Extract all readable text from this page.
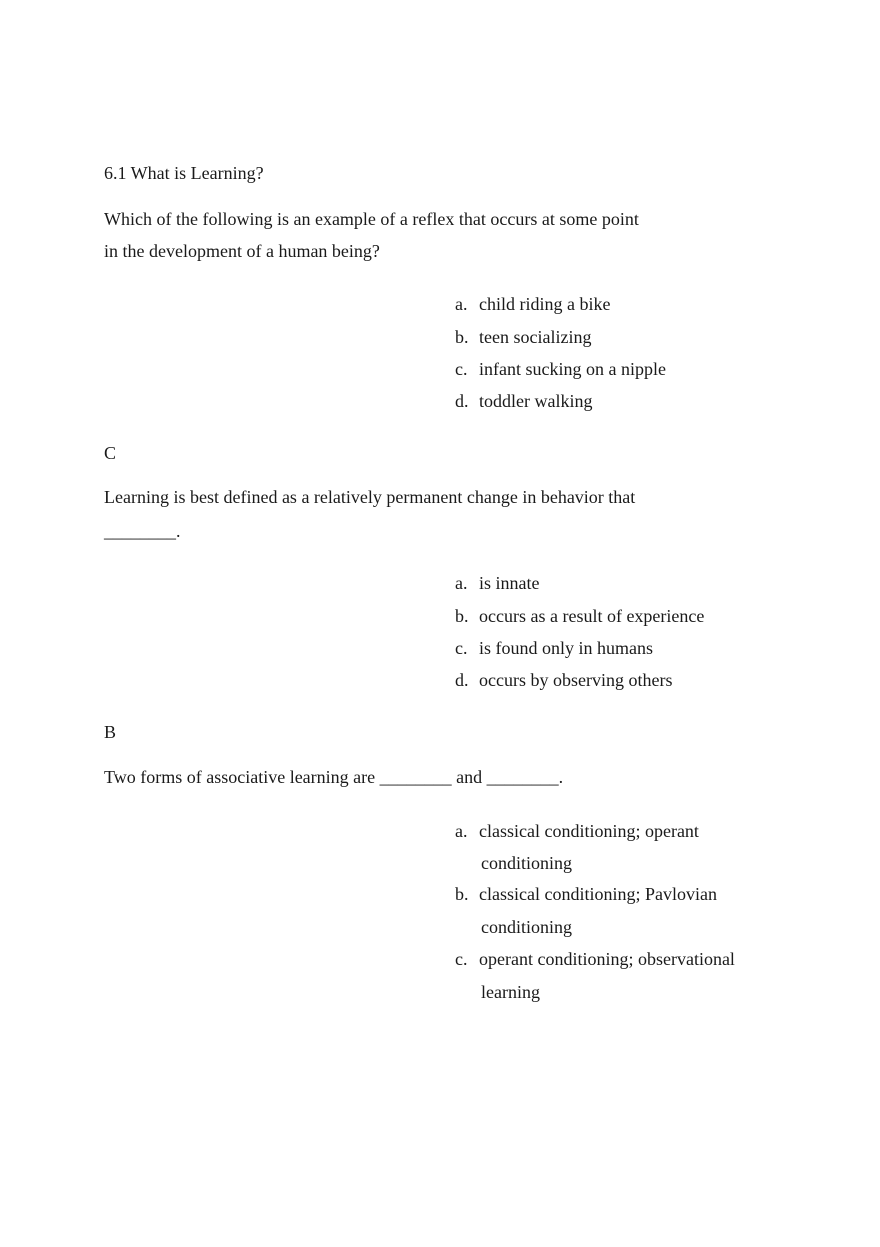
6.1 What is Learning?
Which of the following is an example of a reflex that occurs at some point
in the development of a human being?
a. child riding a bike
b. teen socializing
c. infant sucking on a nipple
d. toddler walking
C
Learning is best defined as a relatively permanent change in behavior that
________.
a. is innate
b. occurs as a result of experience
c. is found only in humans
d. occurs by observing others
B
Two forms of associative learning are ________ and ________.
a. classical conditioning; operant
conditioning
b. classical conditioning; Pavlovian
conditioning
c. operant conditioning; observational
learning
